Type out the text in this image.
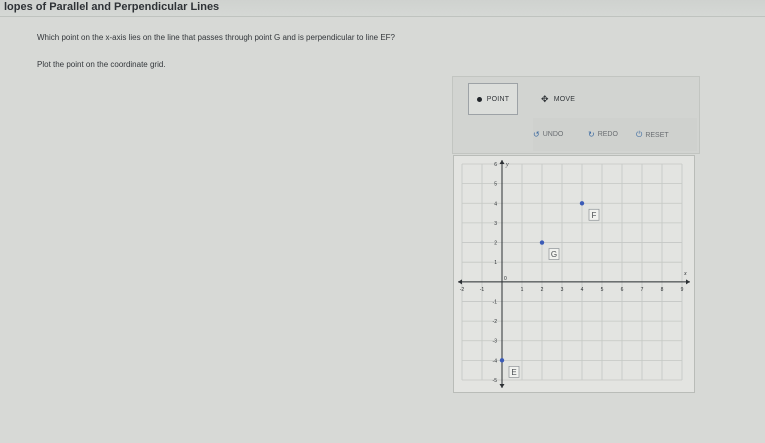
lopes of Parallel and Perpendicular Lines
Which point on the x-axis lies on the line that passes through point G and is perpendicular to line EF?
Plot the point on the coordinate grid.
POINT	✥ MOVE
↺ UNDO	↻ REDO ⏻ RESET
x
y
-2	-1	1	2	3	4	5	6	7	8	9
0
6
5
4
3
2
1
-1
-2
-3
-4
-5
F
G
E
